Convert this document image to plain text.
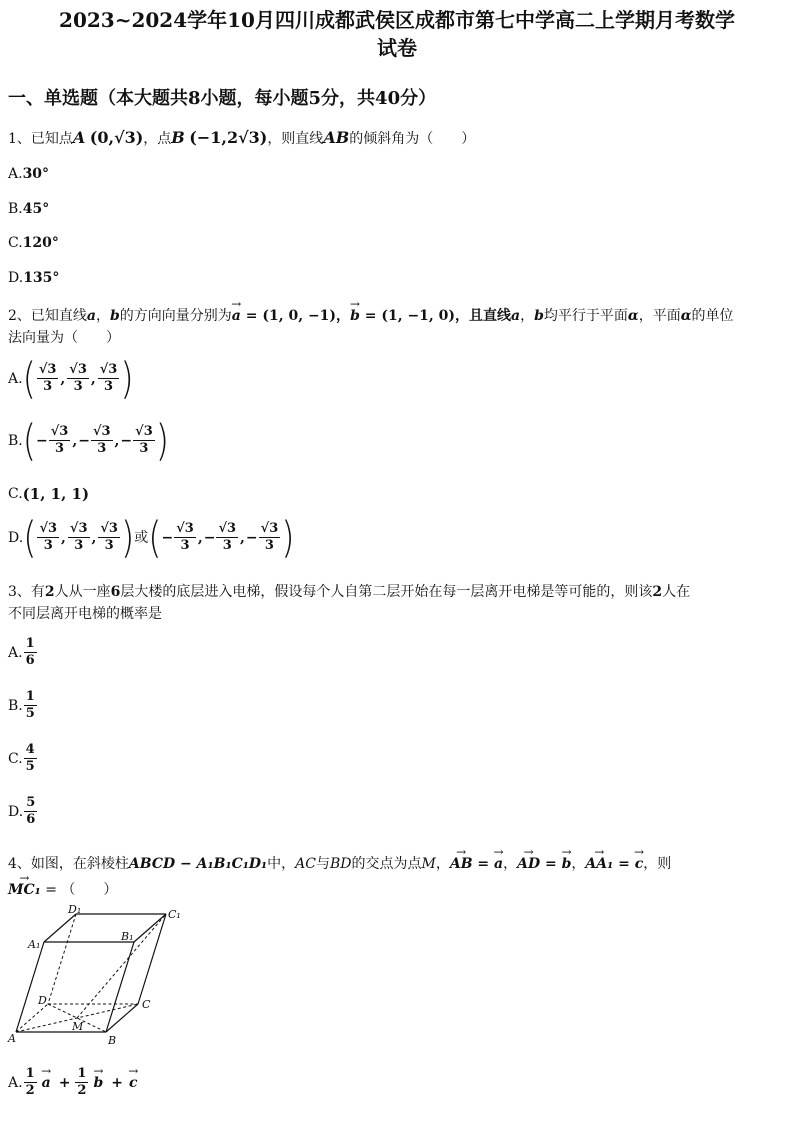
2023~2024学年10月四川成都武侯区成都市第七中学高二上学期月考数学
试卷
一、单选题（本大题共8小题，每小题5分，共40分）
1、已知点A (0,√3)，点B (−1,2√3)，则直线AB的倾斜角为（　　）
A. 30°
B. 45°
C. 120°
D. 135°
2、已知直线a，b的方向向量分别为→ a = (1, 0, −1)，→ b = (1, −1, 0)，且直线a，b均平行于平面α，平面α的单位
法向量为（　　）
A. ( $\frac{√3}{3}$ , $\frac{√3}{3}$ , $\frac{√3}{3}$ )
B. ( − $\frac{√3}{3}$ , − $\frac{√3}{3}$ , − $\frac{√3}{3}$ )
C. (1, 1, 1)
D. ( $\frac{√3}{3}$ , $\frac{√3}{3}$ , $\frac{√3}{3}$ ) 或 ( − $\frac{√3}{3}$ , − $\frac{√3}{3}$ , − $\frac{√3}{3}$ )
3、有2人从一座6层大楼的底层进入电梯，假设每个人自第二层开始在每一层离开电梯是等可能的，则该2人在
不同层离开电梯的概率是
A. $\frac{1}{6}$
B. $\frac{1}{5}$
C. $\frac{4}{5}$
D. $\frac{5}{6}$
4、如图，在斜棱柱ABCD − A₁B₁C₁D₁中，AC与BD的交点为点M，→ AB = → a，→ AD = → b，→ AA₁ = → c，则
→ MC₁ = （　　）
D₁	C₁
A₁
B₁
D	C
A	B
M
A. $\frac{1}{2}$
→ $a + \frac{1}{2}$
→ b +
→ c
